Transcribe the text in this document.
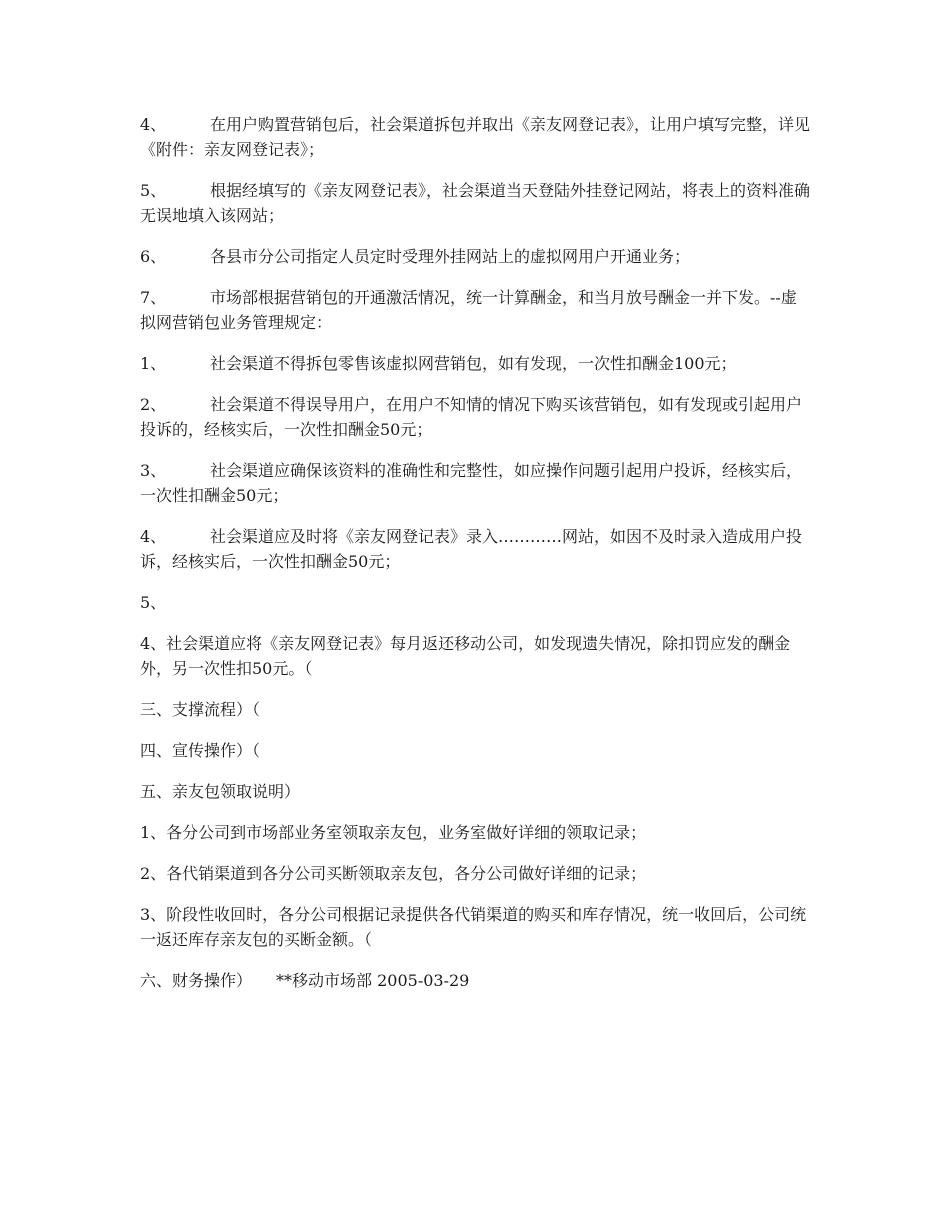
4、	在用户购置营销包后，社会渠道拆包并取出《亲友网登记表》，让用户填写完整，详见《附件：亲友网登记表》；

5、	根据经填写的《亲友网登记表》，社会渠道当天登陆外挂登记网站，将表上的资料准确无误地填入该网站；

6、	各县市分公司指定人员定时受理外挂网站上的虚拟网用户开通业务；

7、	市场部根据营销包的开通激活情况，统一计算酬金，和当月放号酬金一并下发。--虚拟网营销包业务管理规定：

1、	社会渠道不得拆包零售该虚拟网营销包，如有发现，一次性扣酬金100元；

2、	社会渠道不得误导用户，在用户不知情的情况下购买该营销包，如有发现或引起用户投诉的，经核实后，一次性扣酬金50元；

3、	社会渠道应确保该资料的准确性和完整性，如应操作问题引起用户投诉，经核实后，一次性扣酬金50元；

4、	社会渠道应及时将《亲友网登记表》录入…………网站，如因不及时录入造成用户投诉，经核实后，一次性扣酬金50元；

5、

4、社会渠道应将《亲友网登记表》每月返还移动公司，如发现遗失情况，除扣罚应发的酬金外，另一次性扣50元。（

三、支撑流程）（

四、宣传操作）（

五、亲友包领取说明）

1、各分公司到市场部业务室领取亲友包，业务室做好详细的领取记录；

2、各代销渠道到各分公司买断领取亲友包，各分公司做好详细的记录；

3、阶段性收回时，各分公司根据记录提供各代销渠道的购买和库存情况，统一收回后，公司统一返还库存亲友包的买断金额。（

六、财务操作） **移动市场部 2005-03-29
